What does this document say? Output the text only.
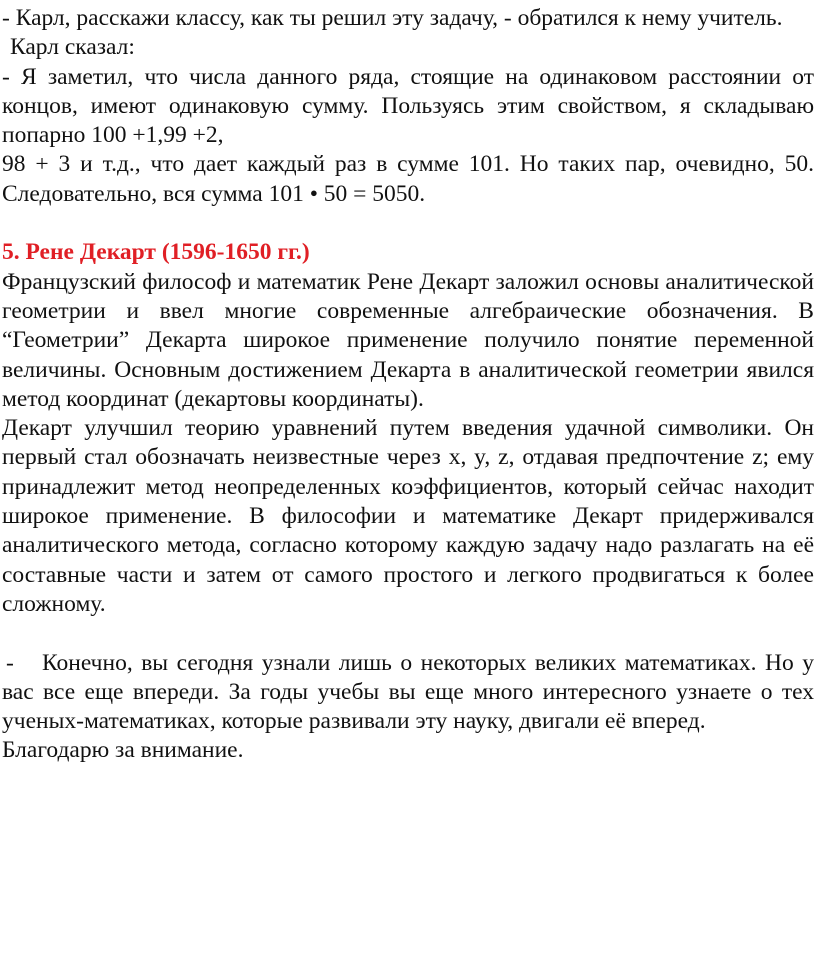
- Карл, расскажи классу, как ты решил эту задачу, - обратился к нему учитель.

Карл сказал:

- Я заметил, что числа данного ряда, стоящие на одинаковом расстоянии от концов, имеют одинаковую сумму. Пользуясь этим свойством, я складываю попарно 100 +1,99 +2,

98 + 3 и т.д., что дает каждый раз в сумме 101. Но таких пар, очевидно, 50. Следовательно, вся сумма 101 • 50 = 5050.

5. Рене Декарт (1596-1650 гг.)

Французский философ и математик Рене Декарт заложил основы аналитической геометрии и ввел многие современные алгебраические обозначения. В “Геометрии” Декарта широкое применение получило понятие переменной величины. Основным достижением Декарта в аналитической геометрии явился метод координат (декартовы координаты).

Декарт улучшил теорию уравнений путем введения удачной символики. Он первый стал обозначать неизвестные через x, y, z, отдавая предпочтение z; ему принадлежит метод неопределенных коэффициентов, который сейчас находит широкое применение. В философии и математике Декарт придерживался аналитического метода, согласно которому каждую задачу надо разлагать на её составные части и затем от самого простого и легкого продвигаться к более сложному.

- Конечно, вы сегодня узнали лишь о некоторых великих математиках. Но у вас все еще впереди. За годы учебы вы еще много интересного узнаете о тех ученых-математиках, которые развивали эту науку, двигали её вперед.

Благодарю за внимание.
